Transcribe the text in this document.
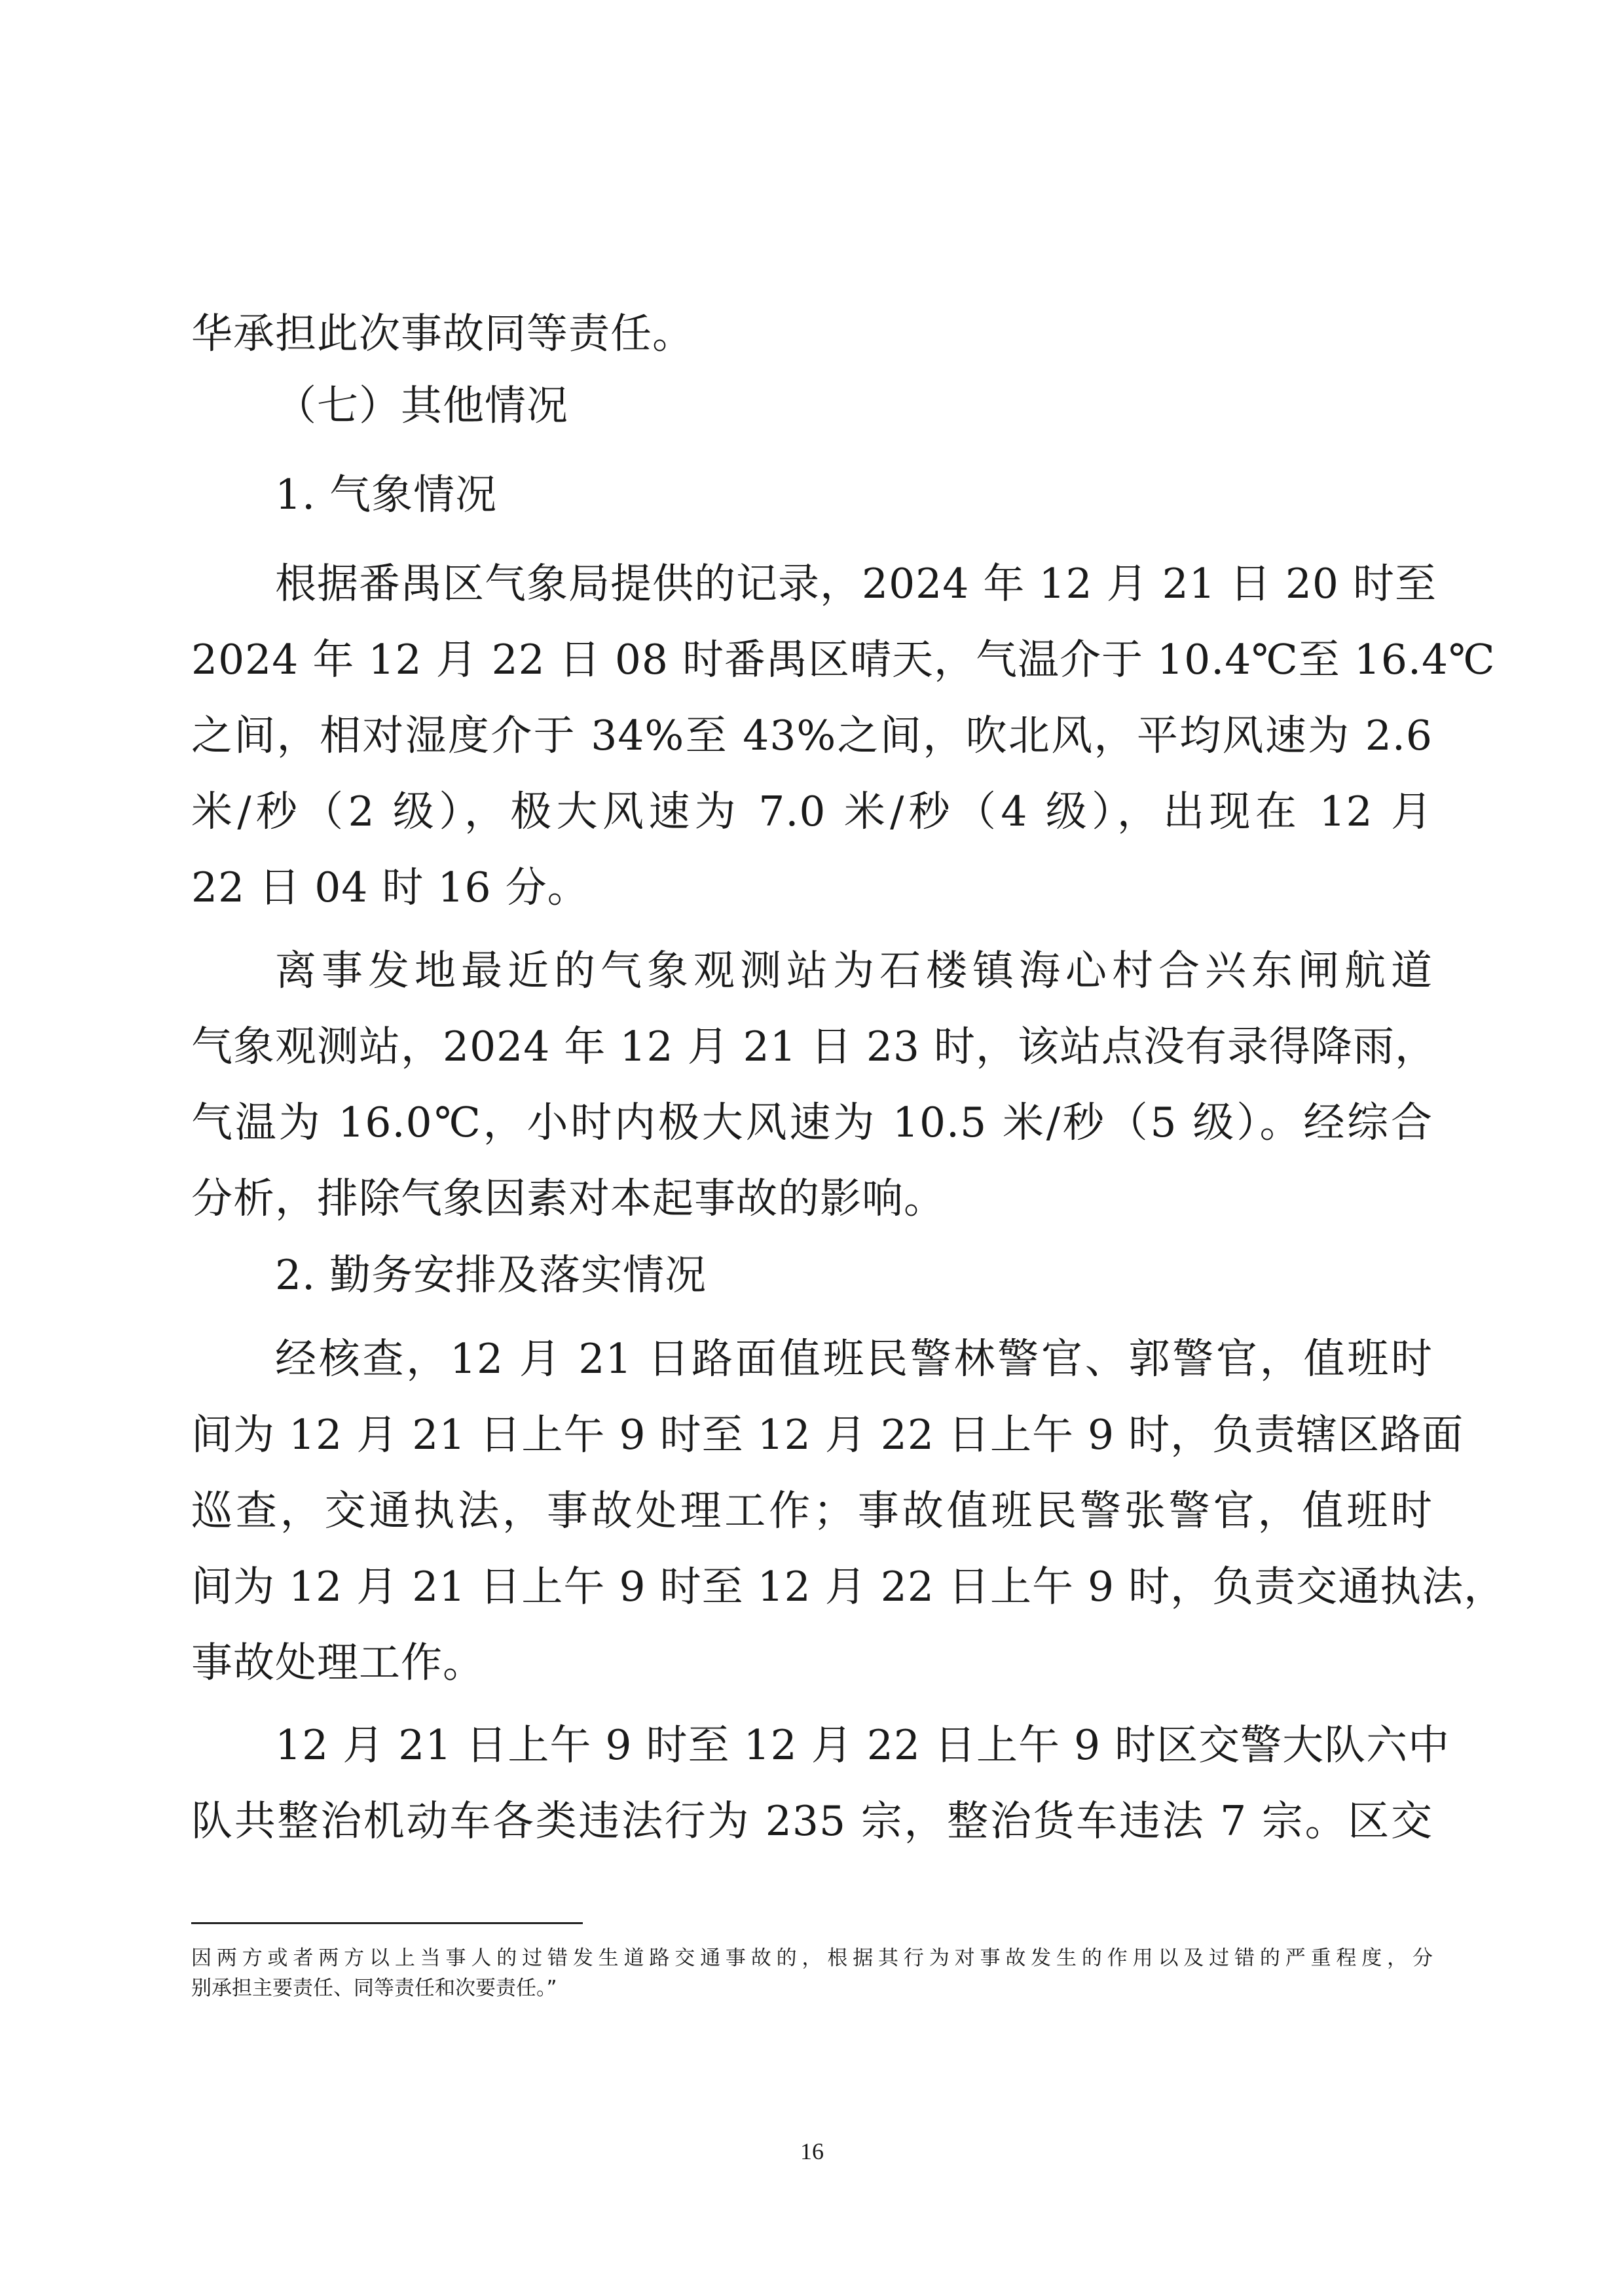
华承担此次事故同等责任。
（七）其他情况
1. 气象情况
根据番禺区气象局提供的记录，2024 年 12 月 21 日 20 时至
2024 年 12 月 22 日 08 时番禺区晴天，气温介于 10.4℃至 16.4℃
之间，相对湿度介于 34%至 43%之间，吹北风，平均风速为 2.6
米/秒（2 级），极大风速为 7.0 米/秒（4 级），出现在 12 月
22 日 04 时 16 分。
离事发地最近的气象观测站为石楼镇海心村合兴东闸航道
气象观测站，2024 年 12 月 21 日 23 时，该站点没有录得降雨，
气温为 16.0℃，小时内极大风速为 10.5 米/秒（5 级）。经综合
分析，排除气象因素对本起事故的影响。
2. 勤务安排及落实情况
经核查，12 月 21 日路面值班民警林警官、郭警官，值班时
间为 12 月 21 日上午 9 时至 12 月 22 日上午 9 时，负责辖区路面
巡查，交通执法，事故处理工作；事故值班民警张警官，值班时
间为 12 月 21 日上午 9 时至 12 月 22 日上午 9 时，负责交通执法，
事故处理工作。
12 月 21 日上午 9 时至 12 月 22 日上午 9 时区交警大队六中
队共整治机动车各类违法行为 235 宗，整治货车违法 7 宗。区交
因两方或者两方以上当事人的过错发生道路交通事故的，根据其行为对事故发生的作用以及过错的严重程度，分
别承担主要责任、同等责任和次要责任。”
16
